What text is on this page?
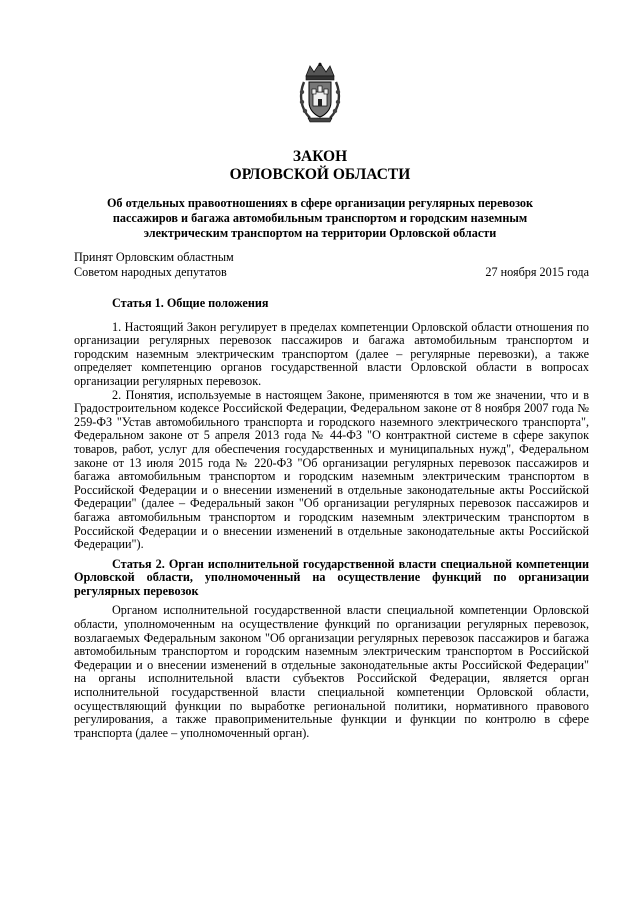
ЗАКОН
ОРЛОВСКОЙ ОБЛАСТИ
Об отдельных правоотношениях в сфере организации регулярных перевозок пассажиров и багажа автомобильным транспортом и городским наземным электрическим транспортом на территории Орловской области
Принят Орловским областным
Советом народных депутатов	27 ноября 2015 года

Статья 1. Общие положения

1. Настоящий Закон регулирует в пределах компетенции Орловской области отношения по организации регулярных перевозок пассажиров и багажа автомобильным транспортом и городским наземным электрическим транспортом (далее – регулярные перевозки), а также определяет компетенцию органов государственной власти Орловской области в вопросах организации регулярных перевозок.

2. Понятия, используемые в настоящем Законе, применяются в том же значении, что и в Градостроительном кодексе Российской Федерации, Федеральном законе от 8 ноября 2007 года № 259-ФЗ "Устав автомобильного транспорта и городского наземного электрического транспорта", Федеральном законе от 5 апреля 2013 года № 44-ФЗ "О контрактной системе в сфере закупок товаров, работ, услуг для обеспечения государственных и муниципальных нужд", Федеральном законе от 13 июля 2015 года № 220-ФЗ "Об организации регулярных перевозок пассажиров и багажа автомобильным транспортом и городским наземным электрическим транспортом в Российской Федерации и о внесении изменений в отдельные законодательные акты Российской Федерации" (далее – Федеральный закон "Об организации регулярных перевозок пассажиров и багажа автомобильным транспортом и городским наземным электрическим транспортом в Российской Федерации и о внесении изменений в отдельные законодательные акты Российской Федерации").

Статья 2. Орган исполнительной государственной власти специальной компетенции Орловской области, уполномоченный на осуществление функций по организации регулярных перевозок

Органом исполнительной государственной власти специальной компетенции Орловской области, уполномоченным на осуществление функций по организации регулярных перевозок, возлагаемых Федеральным законом "Об организации регулярных перевозок пассажиров и багажа автомобильным транспортом и городским наземным электрическим транспортом в Российской Федерации и о внесении изменений в отдельные законодательные акты Российской Федерации" на органы исполнительной власти субъектов Российской Федерации, является орган исполнительной государственной власти специальной компетенции Орловской области, осуществляющий функции по выработке региональной политики, нормативного правового регулирования, а также правоприменительные функции и функции по контролю в сфере транспорта (далее – уполномоченный орган).
